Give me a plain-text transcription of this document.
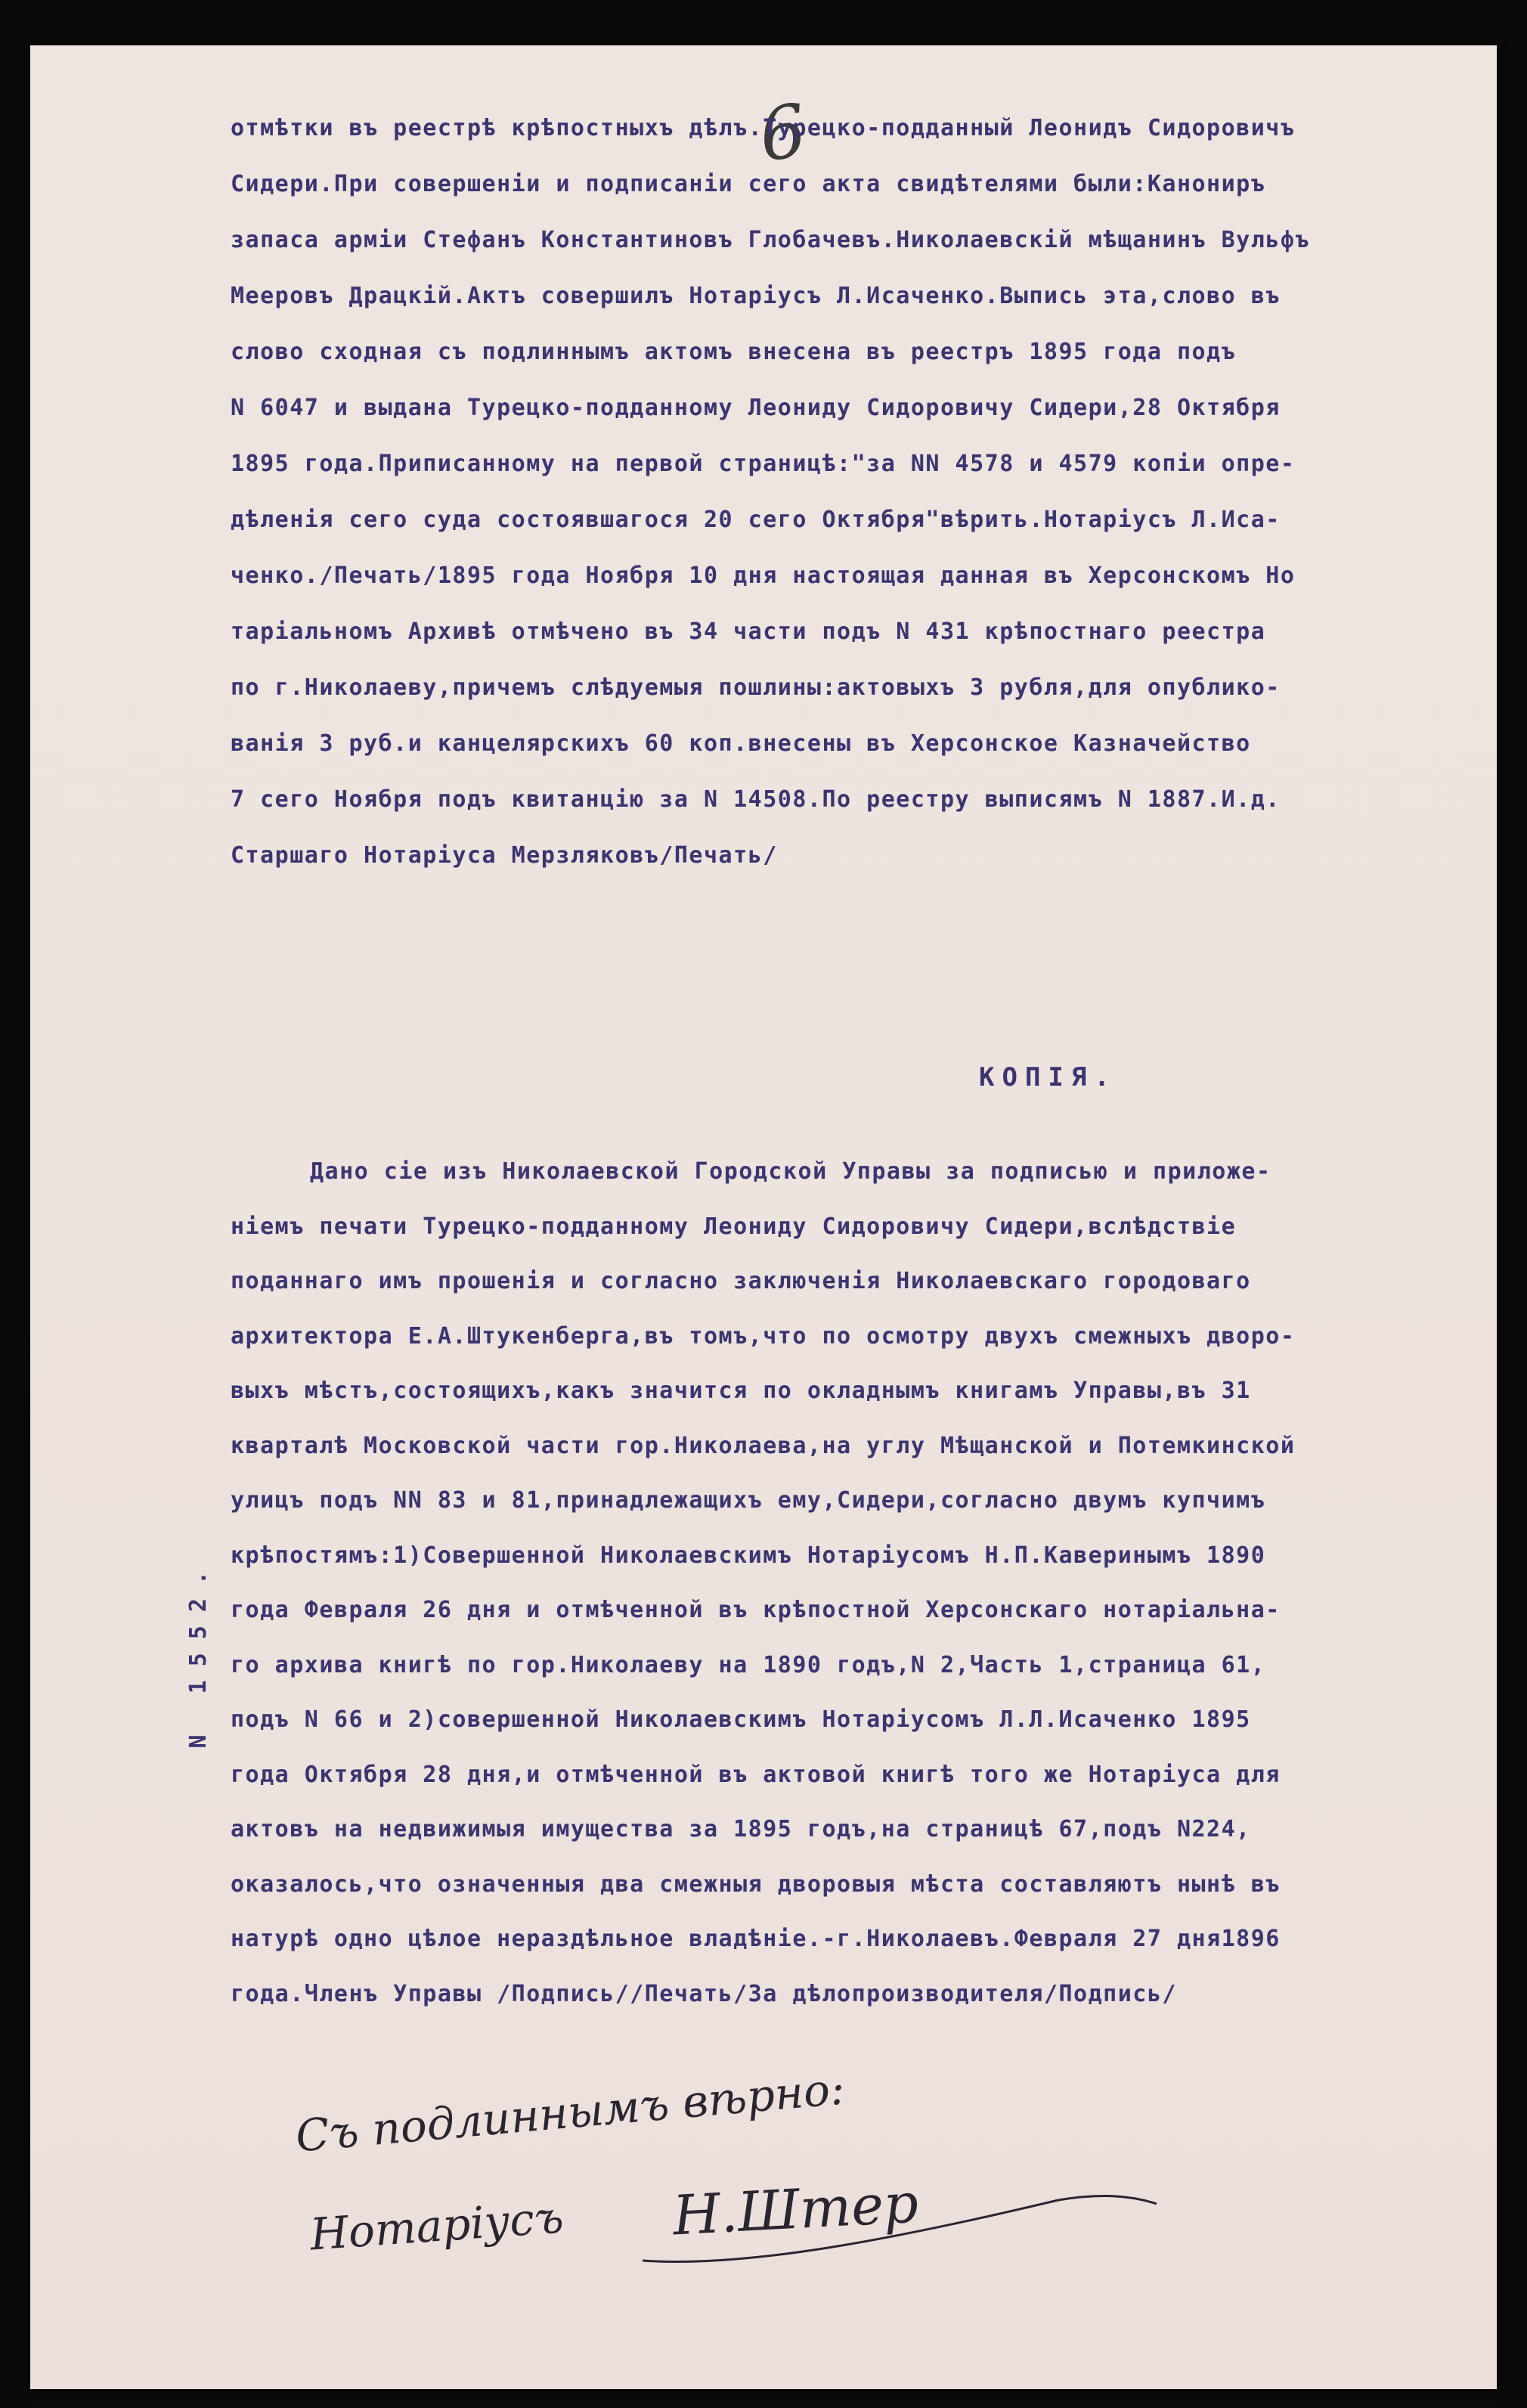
6
отмѣтки въ реестрѣ крѣпостныхъ дѣлъ.Турецко-подданный Леонидъ Сидоровичъ
Сидери.При совершенiи и подписанiи сего акта свидѣтелями были:Канониръ
запаса армiи Стефанъ Константиновъ Глобачевъ.Николаевскiй мѣщанинъ Вульфъ
Мееровъ Драцкiй.Актъ совершилъ Нотарiусъ Л.Исаченко.Выпись эта,слово въ
слово сходная съ подлиннымъ актомъ внесена въ реестръ 1895 года подъ
N 6047 и выдана Турецко-подданному Леониду Сидоровичу Сидери,28 Октября
1895 года.Приписанному на первой страницѣ:"за NN 4578 и 4579 копiи опре-
дѣленiя сего суда состоявшагося 20 сего Октября"вѣрить.Нотарiусъ Л.Иса-
ченко./Печать/1895 года Ноября 10 дня настоящая данная въ Херсонскомъ Но
тарiальномъ Архивѣ отмѣчено въ 34 части подъ N 431 крѣпостнаго реестра
по г.Николаеву,причемъ слѣдуемыя пошлины:актовыхъ 3 рубля,для опублико-
ванiя 3 руб.и канцелярскихъ 60 коп.внесены въ Херсонское Казначейство
7 сего Ноября подъ квитанцiю за N 14508.По реестру выписямъ N 1887.И.д.
Старшаго Нотарiуса Мерзляковъ/Печать/
КОПIЯ.
Дано сiе изъ Николаевской Городской Управы за подписью и приложе-
нiемъ печати Турецко-подданному Леониду Сидоровичу Сидери,вслѣдствiе
поданнаго имъ прошенiя и согласно заключенiя Николаевскаго городоваго
архитектора Е.А.Штукенберга,въ томъ,что по осмотру двухъ смежныхъ дворо-
выхъ мѣстъ,состоящихъ,какъ значится по окладнымъ книгамъ Управы,въ 31
кварталѣ Московской части гор.Николаева,на углу Мѣщанской и Потемкинской
улицъ подъ NN 83 и 81,принадлежащихъ ему,Сидери,согласно двумъ купчимъ
крѣпостямъ:1)Совершенной Николаевскимъ Нотарiусомъ Н.П.Каверинымъ 1890
года Февраля 26 дня и отмѣченной въ крѣпостной Херсонскаго нотарiальна-
го архива книгѣ по гор.Николаеву на 1890 годъ,N 2,Часть 1,страница 61,
подъ N 66 и 2)совершенной Николаевскимъ Нотарiусомъ Л.Л.Исаченко 1895
года Октября 28 дня,и отмѣченной въ актовой книгѣ того же Нотарiуса для
актовъ на недвижимыя имущества за 1895 годъ,на страницѣ 67,подъ N224,
оказалось,что означенныя два смежныя дворовыя мѣста составляютъ нынѣ въ
натурѣ одно цѣлое нераздѣльное владѣнiе.-г.Николаевъ.Февраля 27 дня1896
года.Членъ Управы /Подпись//Печать/За дѣлопроизводителя/Подпись/
N 1552.
Съ подлиннымъ вѣрно:
Нотарiусъ Н.Штер
